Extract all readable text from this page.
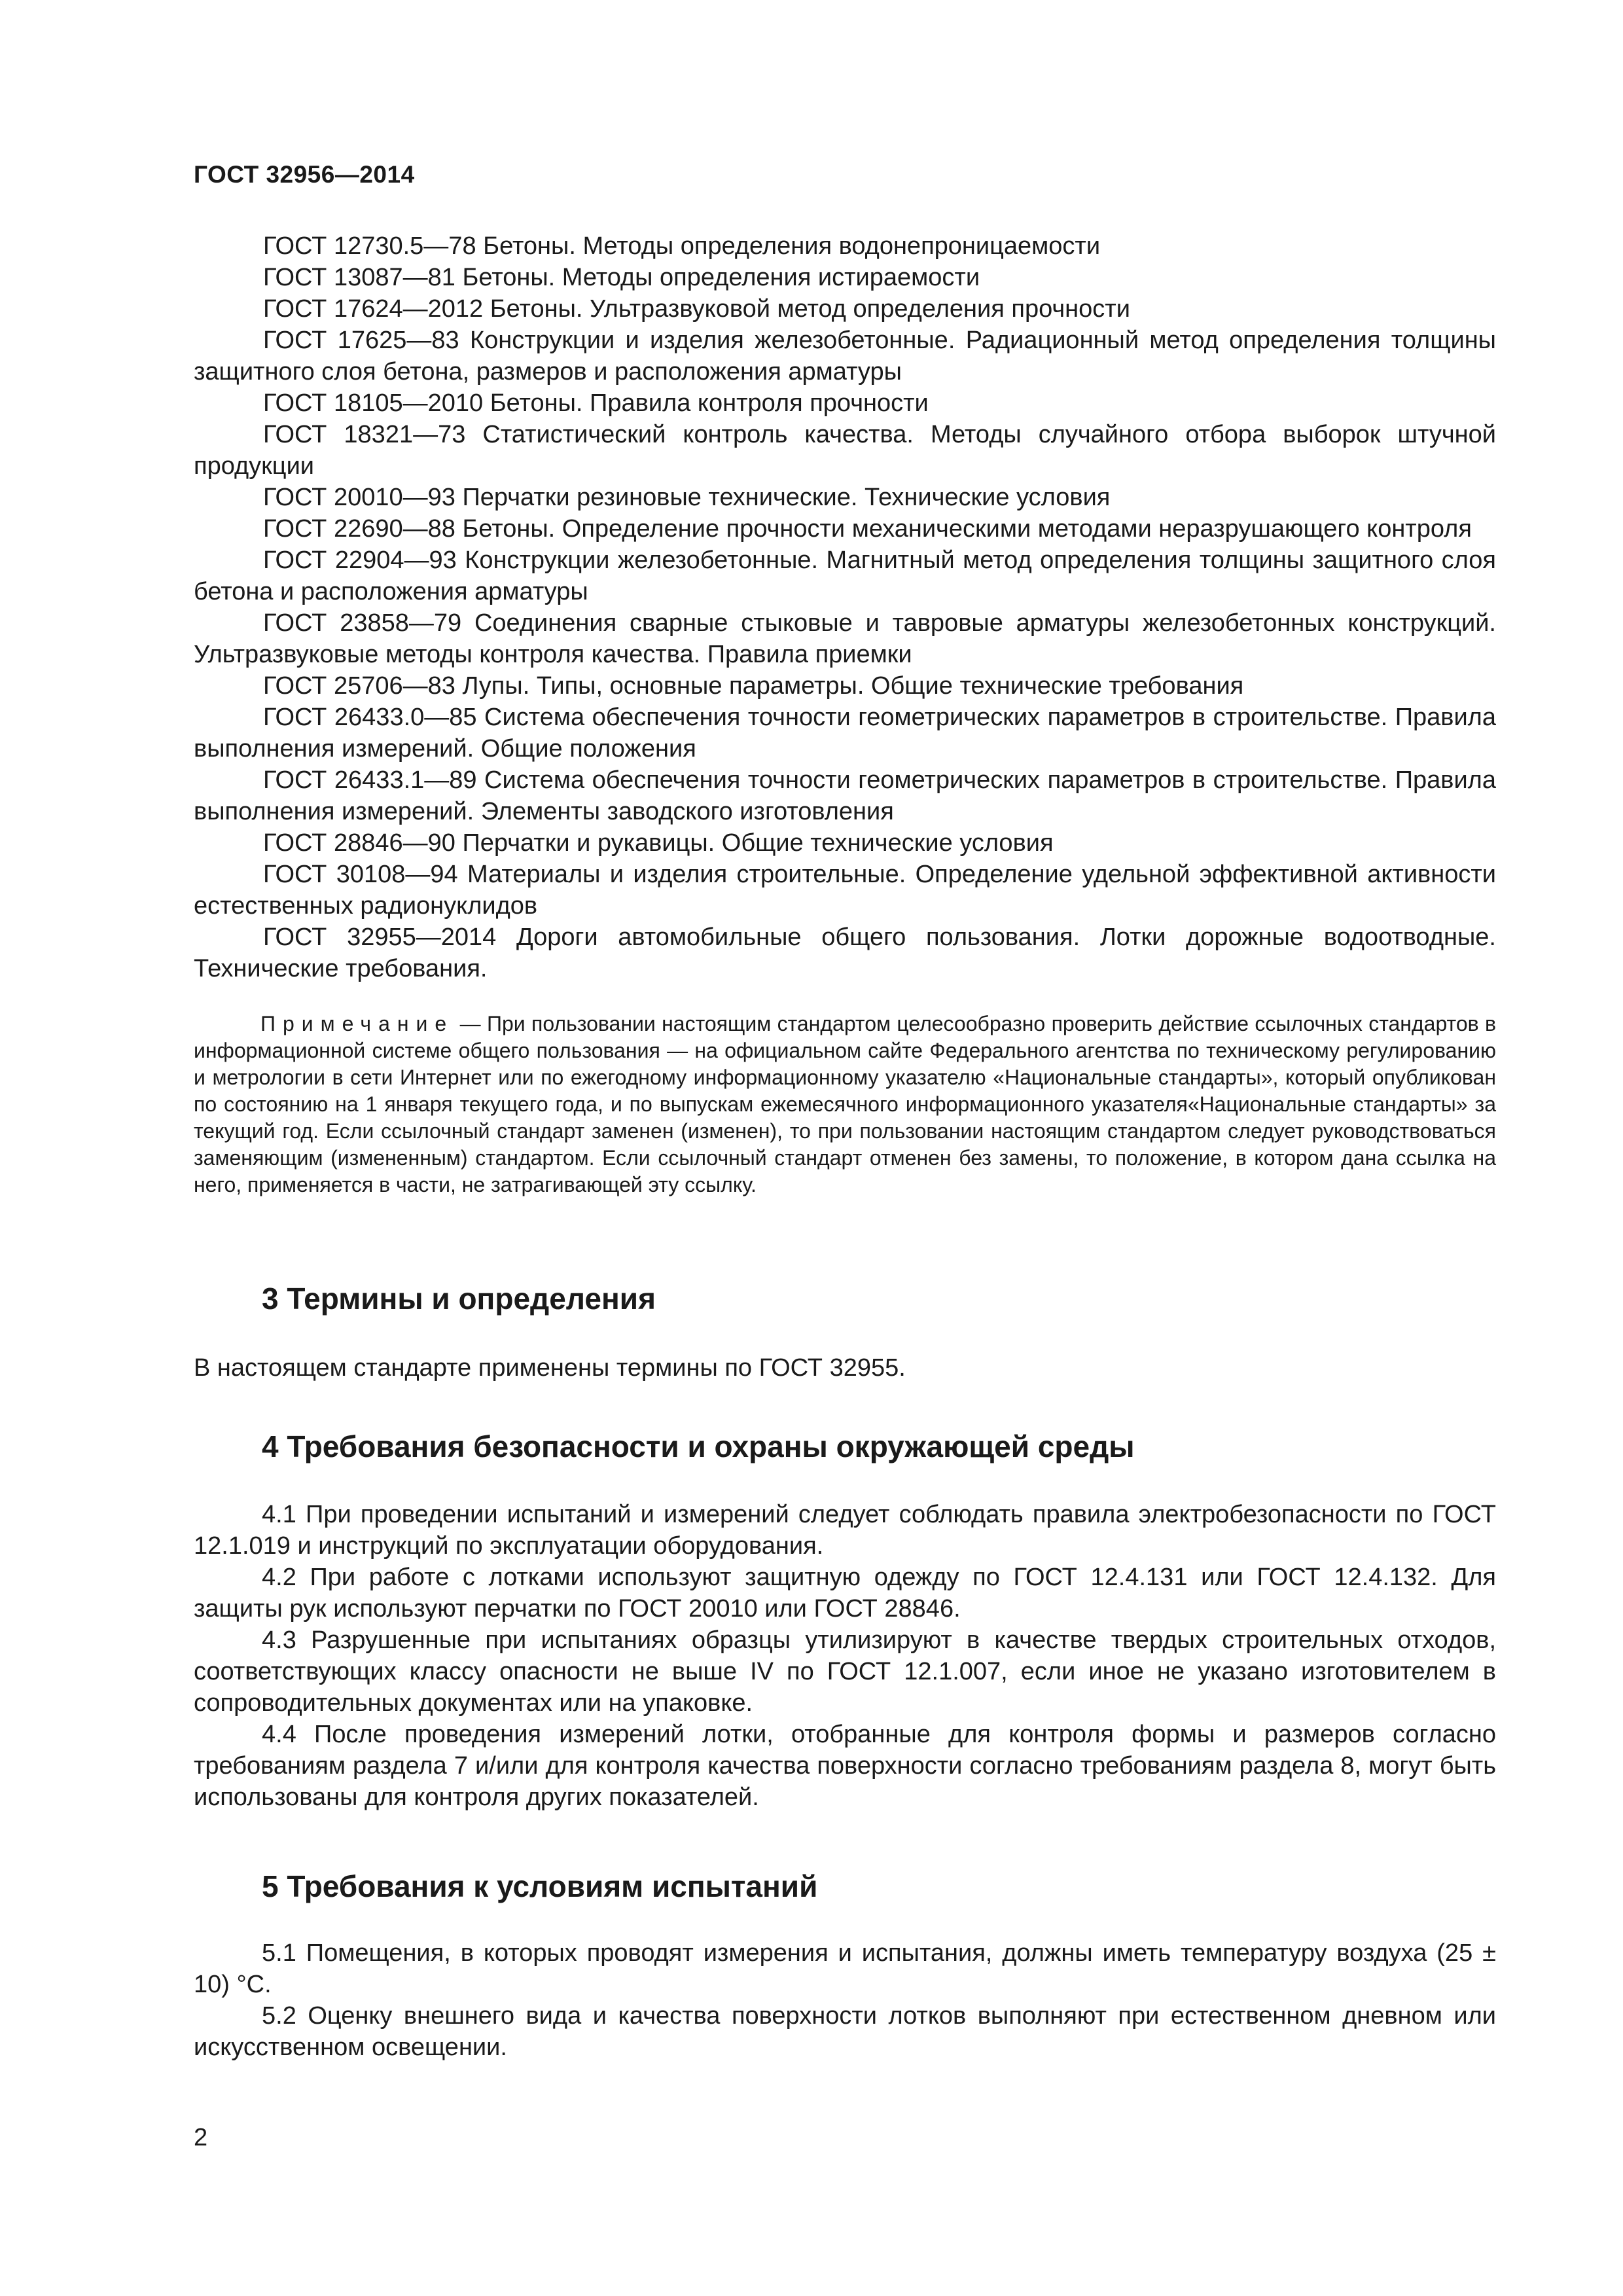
ГОСТ 32956—2014

ГОСТ 12730.5—78 Бетоны. Методы определения водонепроницаемости

ГОСТ 13087—81 Бетоны. Методы определения истираемости

ГОСТ 17624—2012 Бетоны. Ультразвуковой метод определения прочности

ГОСТ 17625—83 Конструкции и изделия железобетонные. Радиационный метод определения толщины защитного слоя бетона, размеров и расположения арматуры

ГОСТ 18105—2010 Бетоны. Правила контроля прочности

ГОСТ 18321—73 Статистический контроль качества. Методы случайного отбора выборок штучной продукции

ГОСТ 20010—93 Перчатки резиновые технические. Технические условия

ГОСТ 22690—88 Бетоны. Определение прочности механическими методами неразрушающего контроля

ГОСТ 22904—93 Конструкции железобетонные. Магнитный метод определения толщины защитного слоя бетона и расположения арматуры

ГОСТ 23858—79 Соединения сварные стыковые и тавровые арматуры железобетонных конструкций. Ультразвуковые методы контроля качества. Правила приемки

ГОСТ 25706—83 Лупы. Типы, основные параметры. Общие технические требования

ГОСТ 26433.0—85 Система обеспечения точности геометрических параметров в строительстве. Правила выполнения измерений. Общие положения

ГОСТ 26433.1—89 Система обеспечения точности геометрических параметров в строительстве. Правила выполнения измерений. Элементы заводского изготовления

ГОСТ 28846—90 Перчатки и рукавицы. Общие технические условия

ГОСТ 30108—94 Материалы и изделия строительные. Определение удельной эффективной активности естественных радионуклидов

ГОСТ 32955—2014 Дороги автомобильные общего пользования. Лотки дорожные водоотводные. Технические требования.

Примечание — При пользовании настоящим стандартом целесообразно проверить действие ссылочных стандартов в информационной системе общего пользования — на официальном сайте Федерального агентства по техническому регулированию и метрологии в сети Интернет или по ежегодному информационному указателю «Национальные стандарты», который опубликован по состоянию на 1 января текущего года, и по выпускам ежемесячного информационного указателя«Национальные стандарты» за текущий год. Если ссылочный стандарт заменен (изменен), то при пользовании настоящим стандартом следует руководствоваться заменяющим (измененным) стандартом. Если ссылочный стандарт отменен без замены, то положение, в котором дана ссылка на него, применяется в части, не затрагивающей эту ссылку.
3 Термины и определения

В настоящем стандарте применены термины по ГОСТ 32955.

4 Требования безопасности и охраны окружающей среды

4.1 При проведении испытаний и измерений следует соблюдать правила электробезопасности по ГОСТ 12.1.019 и инструкций по эксплуатации оборудования.

4.2 При работе с лотками используют защитную одежду по ГОСТ 12.4.131 или ГОСТ 12.4.132. Для защиты рук используют перчатки по ГОСТ 20010 или ГОСТ 28846.

4.3 Разрушенные при испытаниях образцы утилизируют в качестве твердых строительных отходов, соответствующих классу опасности не выше IV по ГОСТ 12.1.007, если иное не указано изготовителем в сопроводительных документах или на упаковке.

4.4 После проведения измерений лотки, отобранные для контроля формы и размеров согласно требованиям раздела 7 и/или для контроля качества поверхности согласно требованиям раздела 8, могут быть использованы для контроля других показателей.

5 Требования к условиям испытаний

5.1 Помещения, в которых проводят измерения и испытания, должны иметь температуру воздуха (25 ± 10) °С.

5.2 Оценку внешнего вида и качества поверхности лотков выполняют при естественном дневном или искусственном освещении.

2
